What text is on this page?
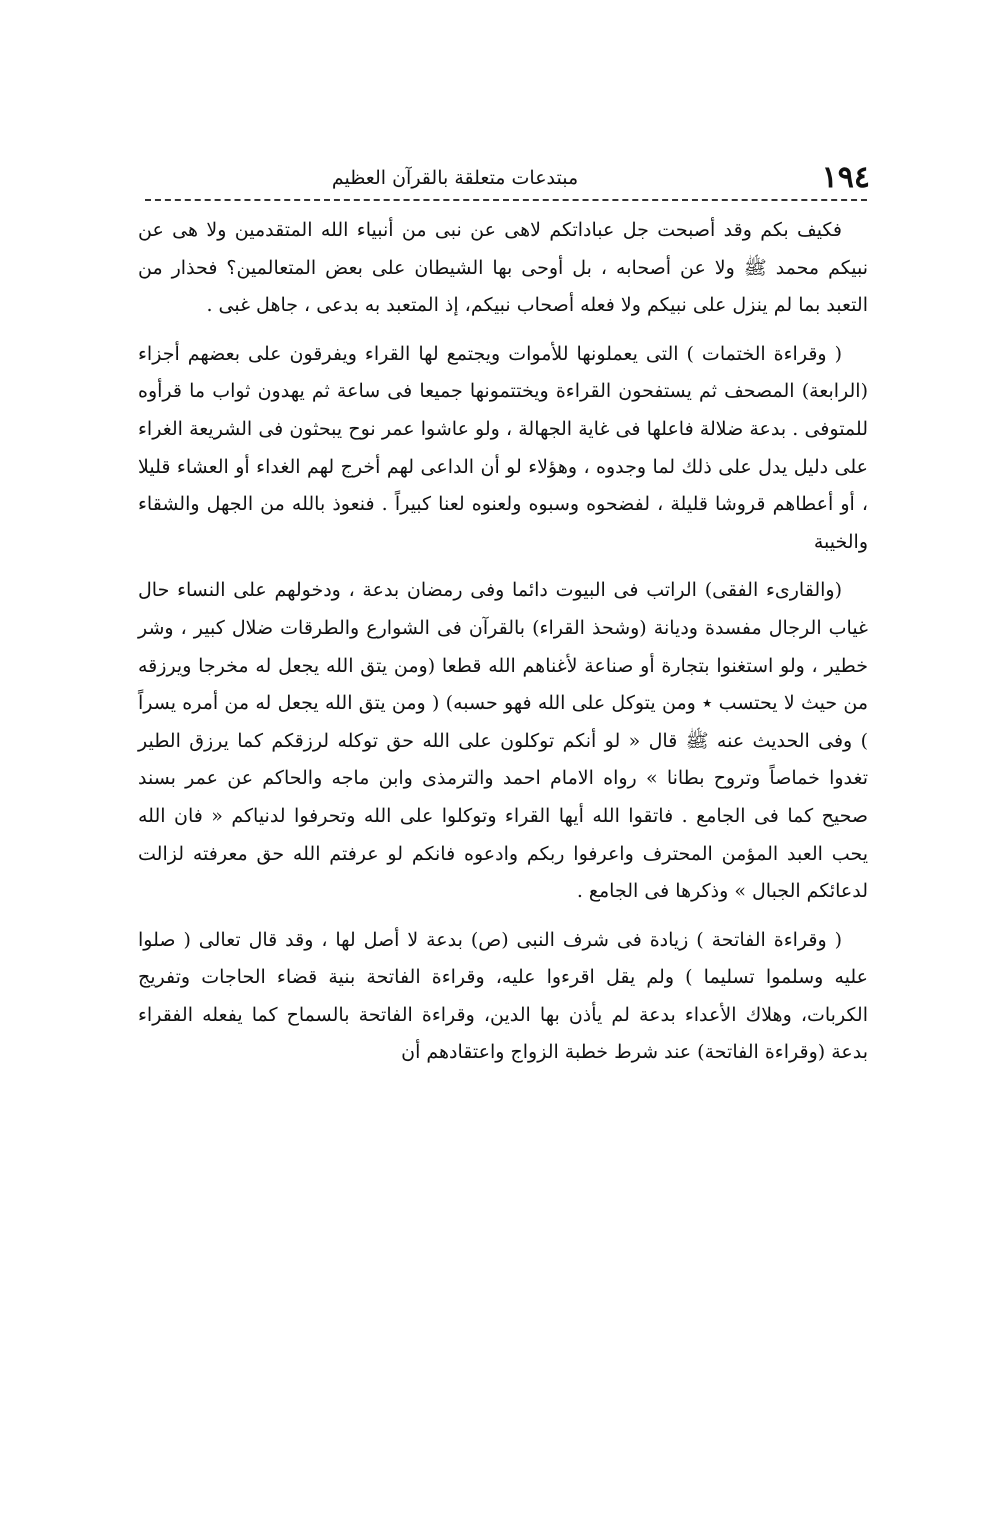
١٩٤
مبتدعات متعلقة بالقرآن العظيم

فكيف بكم وقد أصبحت جل عباداتكم لاهى عن نبى من أنبياء الله المتقدمين ولا هى عن نبيكم محمد ﷺ ولا عن أصحابه ، بل أوحى بها الشيطان على بعض المتعالمين؟ فحذار من التعبد بما لم ينزل على نبيكم ولا فعله أصحاب نبيكم، إذ المتعبد به بدعى ، جاهل غبى .

( وقراءة الختمات ) التى يعملونها للأموات ويجتمع لها القراء ويفرقون على بعضهم أجزاء (الرابعة) المصحف ثم يستفحون القراءة ويختتمونها جميعا فى ساعة ثم يهدون ثواب ما قرأوه للمتوفى . بدعة ضلالة فاعلها فى غاية الجهالة ، ولو عاشوا عمر نوح يبحثون فى الشريعة الغراء على دليل يدل على ذلك لما وجدوه ، وهؤلاء لو أن الداعى لهم أخرج لهم الغداء أو العشاء قليلا ، أو أعطاهم قروشا قليلة ، لفضحوه وسبوه ولعنوه لعنا كبيراً . فنعوذ بالله من الجهل والشقاء والخيبة

(والقارىء الفقى) الراتب فى البيوت دائما وفى رمضان بدعة ، ودخولهم على النساء حال غياب الرجال مفسدة وديانة (وشحذ القراء) بالقرآن فى الشوارع والطرقات ضلال كبير ، وشر خطير ، ولو استغنوا بتجارة أو صناعة لأغناهم الله قطعا (ومن يتق الله يجعل له مخرجا ويرزقه من حيث لا يحتسب ٭ ومن يتوكل على الله فهو حسبه) ( ومن يتق الله يجعل له من أمره يسراً ) وفى الحديث عنه ﷺ قال « لو أنكم توكلون على الله حق توكله لرزقكم كما يرزق الطير تغدوا خماصاً وتروح بطانا » رواه الامام احمد والترمذى وابن ماجه والحاكم عن عمر بسند صحيح كما فى الجامع . فاتقوا الله أيها القراء وتوكلوا على الله وتحرفوا لدنياكم « فان الله يحب العبد المؤمن المحترف واعرفوا ربكم وادعوه فانكم لو عرفتم الله حق معرفته لزالت لدعائكم الجبال » وذكرها فى الجامع .

( وقراءة الفاتحة ) زيادة فى شرف النبى (ص) بدعة لا أصل لها ، وقد قال تعالى ( صلوا عليه وسلموا تسليما ) ولم يقل اقرءوا عليه، وقراءة الفاتحة بنية قضاء الحاجات وتفريج الكربات، وهلاك الأعداء بدعة لم يأذن بها الدين، وقراءة الفاتحة بالسماح كما يفعله الفقراء بدعة (وقراءة الفاتحة) عند شرط خطبة الزواج واعتقادهم أن
